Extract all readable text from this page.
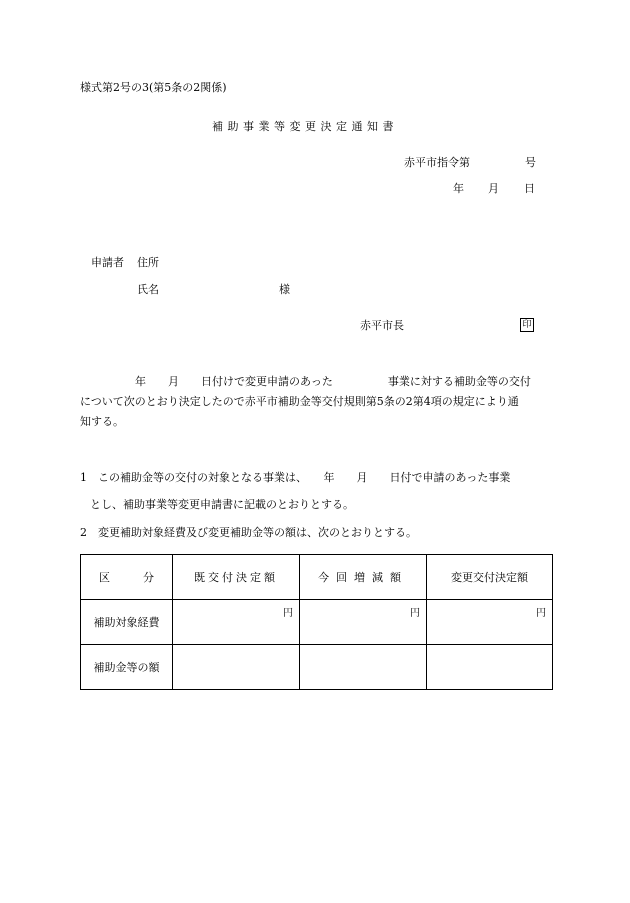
様式第2号の3(第5条の2関係)
補助事業等変更決定通知書
赤平市指令第	号
年 月 日
申請者 住所
氏名	様
赤平市長	印
　　　　　年　　月　　日付けで変更申請のあった　　　　　事業に対する補助金等の交付
について次のとおり決定したので赤平市補助金等交付規則第5条の2第4項の規定により通
知する。
1　この補助金等の交付の対象となる事業は、　　年　　月　　日付で申請のあった事業
とし、補助事業等変更申請書に記載のとおりとする。
2　変更補助対象経費及び変更補助金等の額は、次のとおりとする。
区　　　分	既交付決定額	今回増減額	変更交付決定額
補助対象経費	円	円	円

補助金等の額			
